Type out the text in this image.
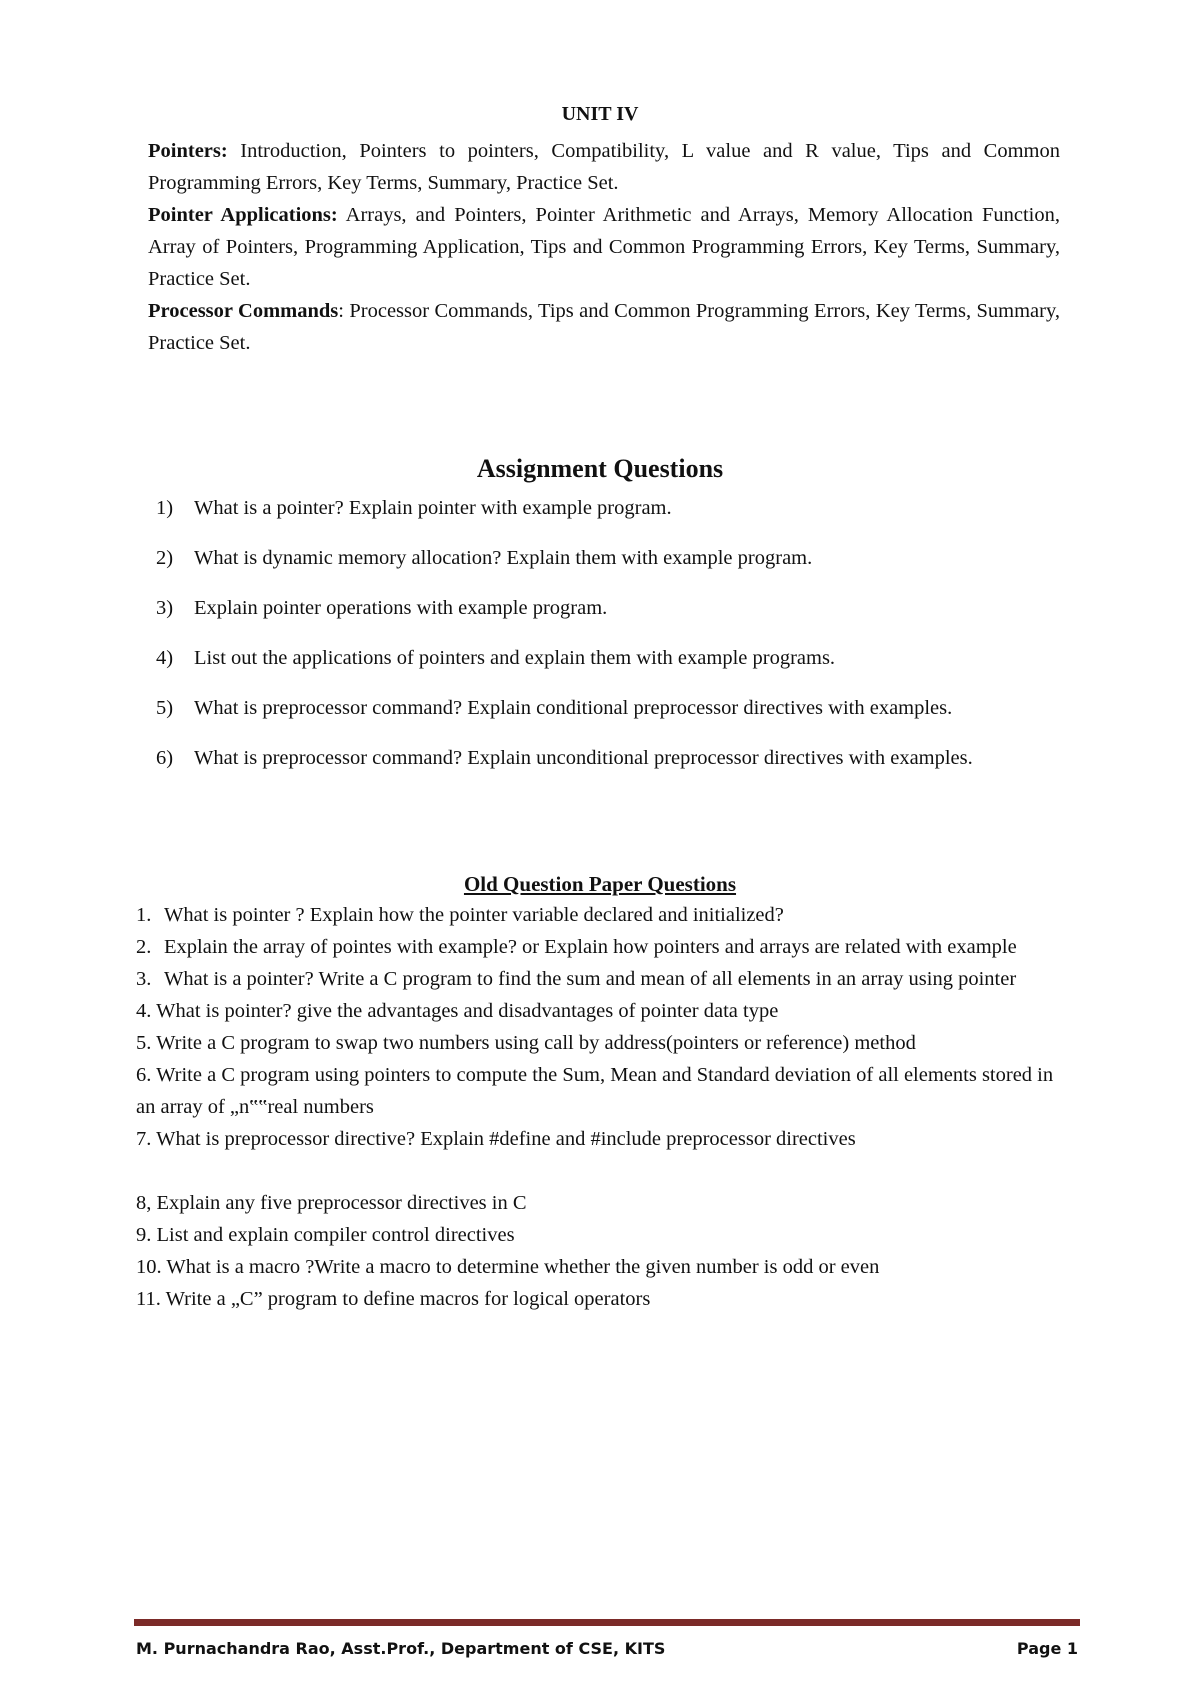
UNIT IV

Pointers: Introduction, Pointers to pointers, Compatibility, L value and R value, Tips and Common Programming Errors, Key Terms, Summary, Practice Set.

Pointer Applications: Arrays, and Pointers, Pointer Arithmetic and Arrays, Memory Allocation Function, Array of Pointers, Programming Application, Tips and Common Programming Errors, Key Terms, Summary, Practice Set.

Processor Commands: Processor Commands, Tips and Common Programming Errors, Key Terms, Summary, Practice Set.

Assignment Questions
1) What is a pointer? Explain pointer with example program.
2) What is dynamic memory allocation? Explain them with example program.
3) Explain pointer operations with example program.
4) List out the applications of pointers and explain them with example programs.
5) What is preprocessor command? Explain conditional preprocessor directives with examples.
6) What is preprocessor command? Explain unconditional preprocessor directives with examples.
Old Question Paper Questions
1. What is pointer ? Explain how the pointer variable declared and initialized?
2. Explain the array of pointes with example? or Explain how pointers and arrays are related with example
3. What is a pointer? Write a C program to find the sum and mean of all elements in an array using pointer
4. What is pointer? give the advantages and disadvantages of pointer data type
5. Write a C program to swap two numbers using call by address(pointers or reference) method
6. Write a C program using pointers to compute the Sum, Mean and Standard deviation of all elements stored in an array of „n‟‟real numbers
7. What is preprocessor directive? Explain #define and #include preprocessor directives
8, Explain any five preprocessor directives in C
9. List and explain compiler control directives
10. What is a macro ?Write a macro to determine whether the given number is odd or even
11. Write a „C” program to define macros for logical operators
M. Purnachandra Rao, Asst.Prof., Department of CSE, KITS	Page 1
